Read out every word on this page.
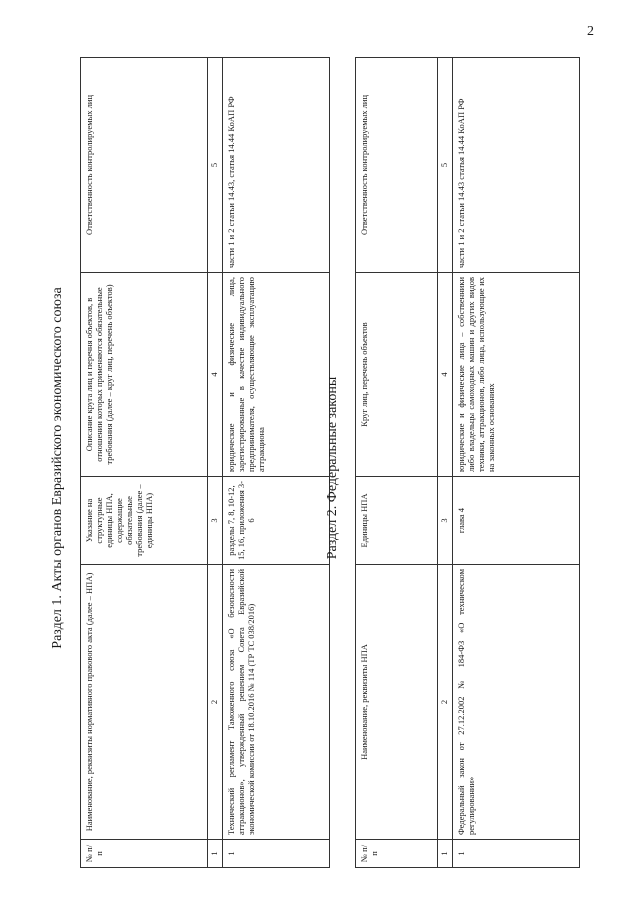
2
Раздел 1. Акты органов Евразийского экономического союза
№ п/п	Наименование, реквизиты нормативного правового акта (далее – НПА)	Указание на структурные единицы НПА, содержащие обязательные требования (далее – единицы НПА)	Описание круга лиц и перечня объектов, в отношении которых применяются обязательные требования (далее – круг лиц, перечень объектов)	Ответственность контролируемых лиц
1	2	3	4	5
1	Технический регламент Таможенного союза «О безопасности аттракционов», утвержденный решением Совета Евразийской экономической комиссии от 18.10.2016 № 114 (ТР ТС 038/2016)	разделы 7, 8, 10-12, 15, 16, приложения 3-6	юридические и физические лица, зарегистрированные в качестве индивидуального предпринимателя, осуществляющие эксплуатацию аттракциона	части 1 и 2 статьи 14.43, статья 14.44 КоАП РФ
Раздел 2. Федеральные законы
№ п/п	Наименование, реквизиты НПА	Единицы НПА	Круг лиц, перечень объектов	Ответственность контролируемых лиц
1	2	3	4	5
1	Федеральный закон от 27.12.2002 № 184-ФЗ «О техническом регулировании»	глава 4	юридические и физические лица – собственники либо владельцы самоходных машин и других видов техники, аттракционов, либо лица, использующие их на законных основаниях	части 1 и 2 статьи 14.43 статья 14.44 КоАП РФ
